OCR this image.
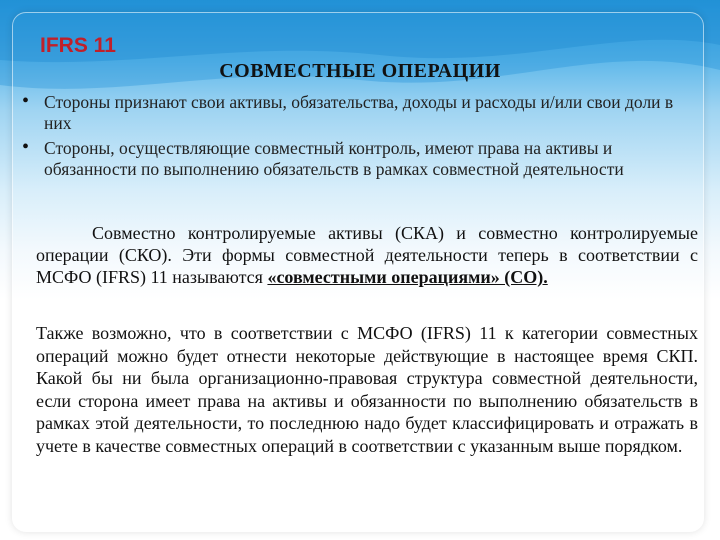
IFRS 11
СОВМЕСТНЫЕ ОПЕРАЦИИ
• Стороны признают свои активы, обязательства, доходы и расходы и/или свои доли в них
• Стороны, осуществляющие совместный контроль, имеют права на активы и обязанности по выполнению обязательств в рамках совместной деятельности
Совместно контролируемые активы (СКА) и совместно контролируемые операции (СКО). Эти формы совместной деятельности теперь в соответствии с МСФО (IFRS) 11 называются «совместными операциями» (СО).
Также возможно, что в соответствии с МСФО (IFRS) 11 к категории совместных операций можно будет отнести некоторые действующие в настоящее время СКП. Какой бы ни была организационно-правовая структура совместной деятельности, если сторона имеет права на активы и обязанности по выполнению обязательств в рамках этой деятельности, то последнюю надо будет классифицировать и отражать в учете в качестве совместных операций в соответствии с указанным выше порядком.
